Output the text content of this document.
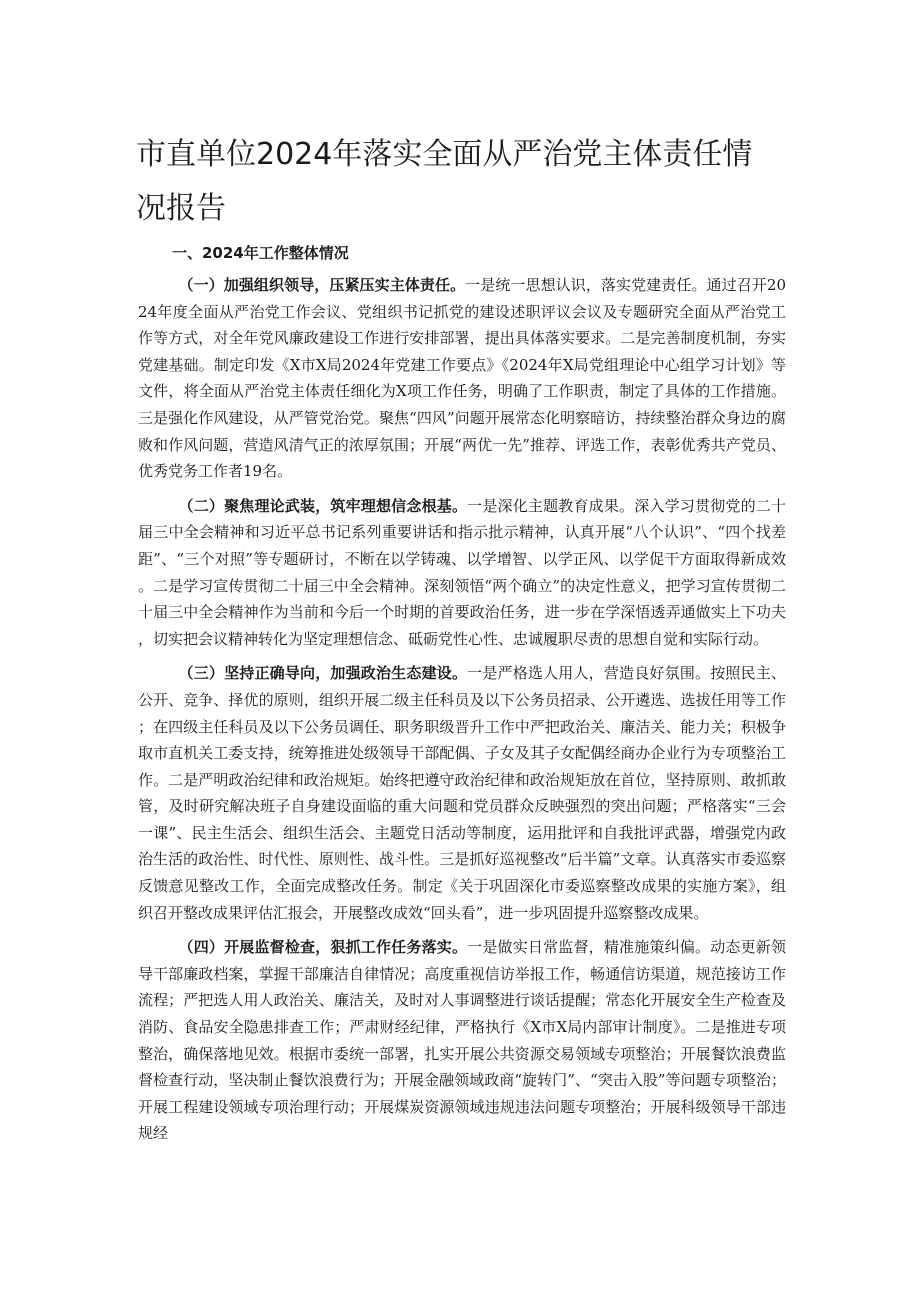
市直单位2024年落实全面从严治党主体责任情况报告
一、2024年工作整体情况

（一）加强组织领导，压紧压实主体责任。一是统一思想认识，落实党建责任。通过召开2024年度全面从严治党工作会议、党组织书记抓党的建设述职评议会议及专题研究全面从严治党工作等方式，对全年党风廉政建设工作进行安排部署，提出具体落实要求。二是完善制度机制，夯实党建基础。制定印发《X市X局2024年党建工作要点》《2024年X局党组理论中心组学习计划》等文件，将全面从严治党主体责任细化为X项工作任务，明确了工作职责，制定了具体的工作措施。三是强化作风建设，从严管党治党。聚焦“四风”问题开展常态化明察暗访，持续整治群众身边的腐败和作风问题，营造风清气正的浓厚氛围；开展“两优一先”推荐、评选工作，表彰优秀共产党员、优秀党务工作者19名。

（二）聚焦理论武装，筑牢理想信念根基。一是深化主题教育成果。深入学习贯彻党的二十届三中全会精神和习近平总书记系列重要讲话和指示批示精神，认真开展“八个认识”、“四个找差距”、“三个对照”等专题研讨，不断在以学铸魂、以学增智、以学正风、以学促干方面取得新成效。二是学习宣传贯彻二十届三中全会精神。深刻领悟“两个确立”的决定性意义，把学习宣传贯彻二十届三中全会精神作为当前和今后一个时期的首要政治任务，进一步在学深悟透弄通做实上下功夫，切实把会议精神转化为坚定理想信念、砥砺党性心性、忠诚履职尽责的思想自觉和实际行动。

（三）坚持正确导向，加强政治生态建设。一是严格选人用人，营造良好氛围。按照民主、公开、竞争、择优的原则，组织开展二级主任科员及以下公务员招录、公开遴选、选拔任用等工作；在四级主任科员及以下公务员调任、职务职级晋升工作中严把政治关、廉洁关、能力关；积极争取市直机关工委支持，统筹推进处级领导干部配偶、子女及其子女配偶经商办企业行为专项整治工作。二是严明政治纪律和政治规矩。始终把遵守政治纪律和政治规矩放在首位，坚持原则、敢抓敢管，及时研究解决班子自身建设面临的重大问题和党员群众反映强烈的突出问题；严格落实“三会一课”、民主生活会、组织生活会、主题党日活动等制度，运用批评和自我批评武器，增强党内政治生活的政治性、时代性、原则性、战斗性。三是抓好巡视整改“后半篇”文章。认真落实市委巡察反馈意见整改工作，全面完成整改任务。制定《关于巩固深化市委巡察整改成果的实施方案》，组织召开整改成果评估汇报会，开展整改成效“回头看”，进一步巩固提升巡察整改成果。

（四）开展监督检查，狠抓工作任务落实。一是做实日常监督，精准施策纠偏。动态更新领导干部廉政档案，掌握干部廉洁自律情况；高度重视信访举报工作，畅通信访渠道，规范接访工作流程；严把选人用人政治关、廉洁关，及时对人事调整进行谈话提醒；常态化开展安全生产检查及消防、食品安全隐患排查工作；严肃财经纪律，严格执行《X市X局内部审计制度》。二是推进专项整治，确保落地见效。根据市委统一部署，扎实开展公共资源交易领域专项整治；开展餐饮浪费监督检查行动，坚决制止餐饮浪费行为；开展金融领域政商“旋转门”、“突击入股”等问题专项整治；开展工程建设领域专项治理行动；开展煤炭资源领域违规违法问题专项整治；开展科级领导干部违规经
